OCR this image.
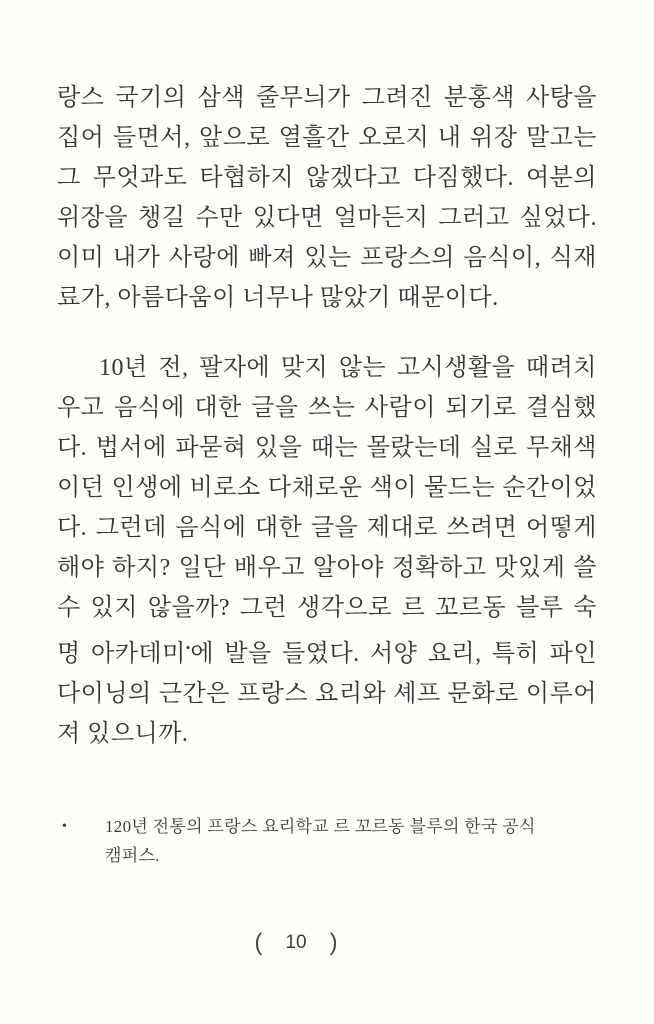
랑스 국기의 삼색 줄무늬가 그려진 분홍색 사탕을
집어 들면서, 앞으로 열흘간 오로지 내 위장 말고는
그 무엇과도 타협하지 않겠다고 다짐했다. 여분의
위장을 챙길 수만 있다면 얼마든지 그러고 싶었다.
이미 내가 사랑에 빠져 있는 프랑스의 음식이, 식재
료가, 아름다움이 너무나 많았기 때문이다.
10년 전, 팔자에 맞지 않는 고시생활을 때려치
우고 음식에 대한 글을 쓰는 사람이 되기로 결심했
다. 법서에 파묻혀 있을 때는 몰랐는데 실로 무채색
이던 인생에 비로소 다채로운 색이 물드는 순간이었
다. 그런데 음식에 대한 글을 제대로 쓰려면 어떻게
해야 하지? 일단 배우고 알아야 정확하고 맛있게 쓸
수 있지 않을까? 그런 생각으로 르 꼬르동 블루 숙
명 아카데미•에 발을 들였다. 서양 요리, 특히 파인
다이닝의 근간은 프랑스 요리와 셰프 문화로 이루어
져 있으니까.
•	120년 전통의 프랑스 요리학교 르 꼬르동 블루의 한국 공식
캠퍼스.
( 10 )
